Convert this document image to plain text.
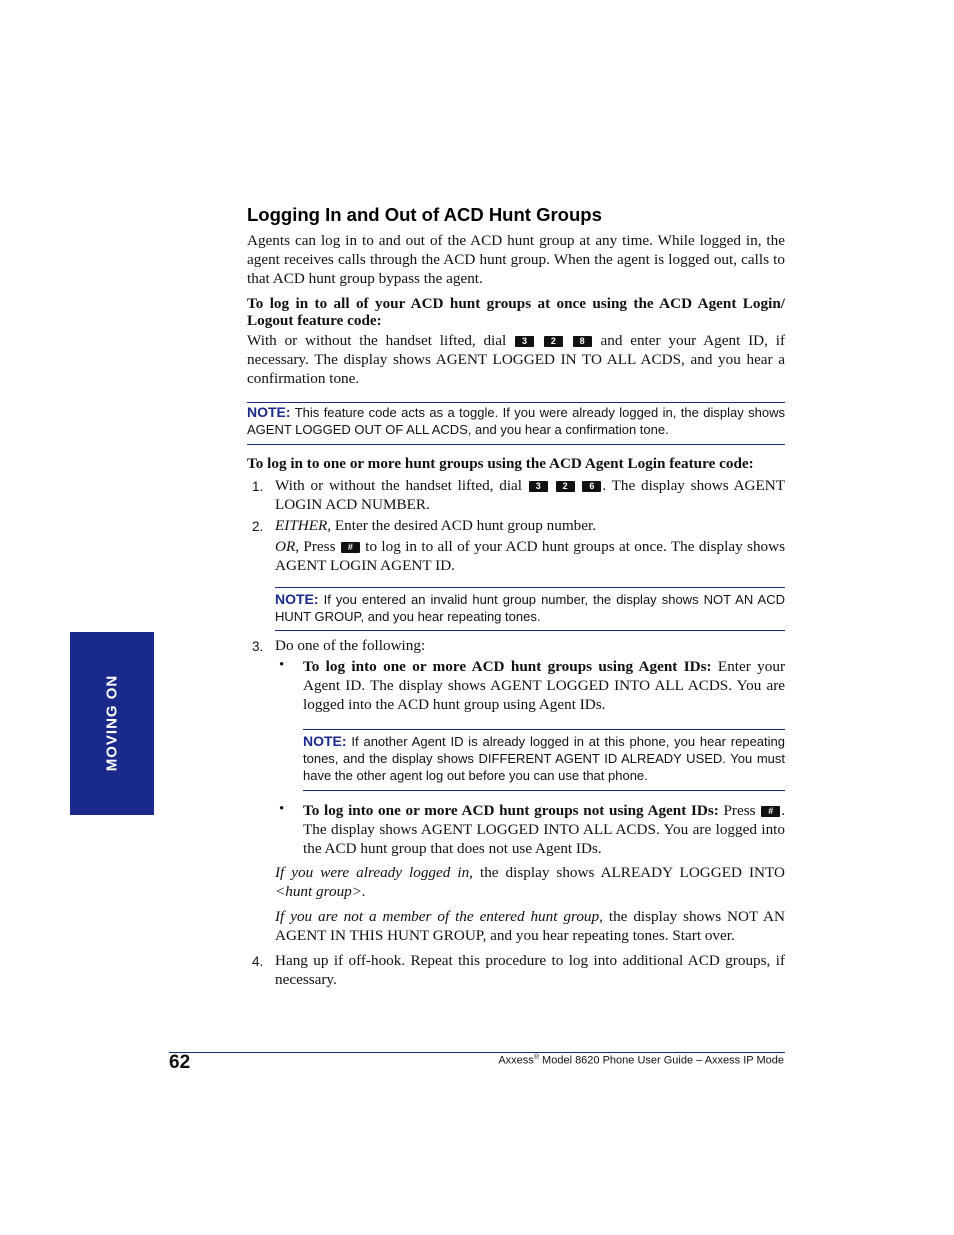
MOVING ON
Logging In and Out of ACD Hunt Groups

Agents can log in to and out of the ACD hunt group at any time. While logged in, the agent receives calls through the ACD hunt group. When the agent is logged out, calls to that ACD hunt group bypass the agent.

To log in to all of your ACD hunt groups at once using the ACD Agent Login/ Logout feature code:

With or without the handset lifted, dial 3	2	8 and enter your Agent ID, if necessary. The display shows AGENT LOGGED IN TO ALL ACDS, and you hear a confirmation tone.

NOTE: This feature code acts as a toggle. If you were already logged in, the display shows AGENT LOGGED OUT OF ALL ACDS, and you hear a confirmation tone.

To log in to one or more hunt groups using the ACD Agent Login feature code:

1. With or without the handset lifted, dial 3 2 6 . The display shows AGENT LOGIN ACD NUMBER.

2. EITHER, Enter the desired ACD hunt group number.

OR, Press # to log in to all of your ACD hunt groups at once. The display shows AGENT LOGIN AGENT ID.

NOTE: If you entered an invalid hunt group number, the display shows NOT AN ACD HUNT GROUP, and you hear repeating tones.

3. Do one of the following:

• To log into one or more ACD hunt groups using Agent IDs: Enter your Agent ID. The display shows AGENT LOGGED INTO ALL ACDS. You are logged into the ACD hunt group using Agent IDs.

NOTE: If another Agent ID is already logged in at this phone, you hear repeating tones, and the display shows DIFFERENT AGENT ID ALREADY USED. You must have the other agent log out before you can use that phone.

• To log into one or more ACD hunt groups not using Agent IDs: Press # . The display shows AGENT LOGGED INTO ALL ACDS. You are logged into the ACD hunt group that does not use Agent IDs.

If you were already logged in, the display shows ALREADY LOGGED INTO <hunt group>.

If you are not a member of the entered hunt group, the display shows NOT AN AGENT IN THIS HUNT GROUP, and you hear repeating tones. Start over.

4. Hang up if off-hook. Repeat this procedure to log into additional ACD groups, if necessary.

62	Axxess® Model 8620 Phone User Guide – Axxess IP Mode
